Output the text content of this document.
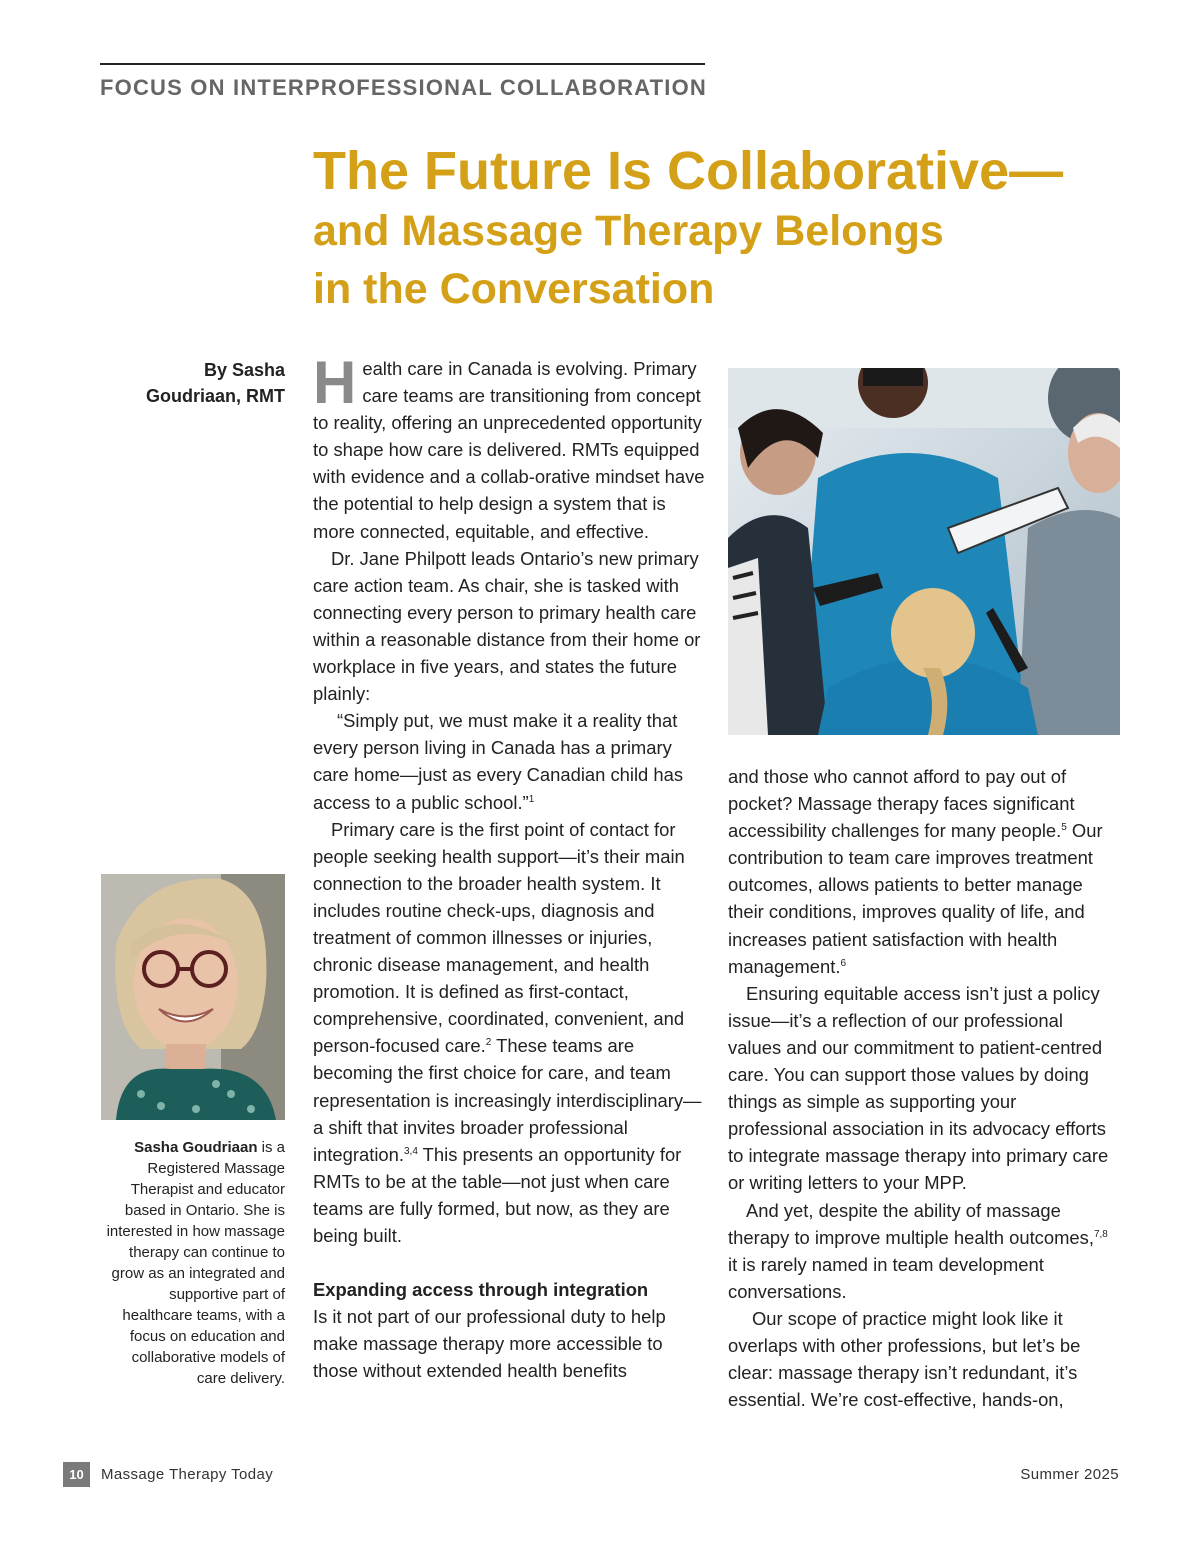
FOCUS ON INTERPROFESSIONAL COLLABORATION
The Future Is Collaborative—
and Massage Therapy Belongs
in the Conversation
By Sasha
Goudriaan, RMT Health care in Canada is evolving. Primary care teams are transitioning from concept to reality, offering an unprecedented opportunity to shape how care is delivered. RMTs equipped with evidence and a collab-orative mindset have the potential to help design a system that is more connected, equitable, and effective.

Dr. Jane Philpott leads Ontario’s new primary care action team. As chair, she is tasked with connecting every person to primary health care within a reasonable distance from their home or workplace in five years, and states the future plainly:

“Simply put, we must make it a reality that every person living in Canada has a primary care home—just as every Canadian child has access to a public school.”$^1$

Primary care is the first point of contact for people seeking health support—it’s their main connection to the broader health system. It includes routine check-ups, diagnosis and treatment of common illnesses or injuries, chronic disease management, and health promotion. It is defined as first-contact, comprehensive, coordinated, convenient, and person-focused care.$^2$ These teams are becoming the first choice for care, and team representation is increasingly interdisciplinary—a shift that invites broader professional integration.$^{3,4}$ This presents an opportunity for RMTs to be at the table—not just when care teams are fully formed, but now, as they are being built.

Expanding access through integration

Is it not part of our professional duty to help make massage therapy more accessible to those without extended health benefits

and those who cannot afford to pay out of pocket? Massage therapy faces significant accessibility challenges for many people.$^5$ Our contribution to team care improves treatment outcomes, allows patients to better manage their conditions, improves quality of life, and increases patient satisfaction with health management.$^6$

Ensuring equitable access isn’t just a policy issue—it’s a reflection of our professional values and our commitment to patient-centred care. You can support those values by doing things as simple as supporting your professional association in its advocacy efforts to integrate massage therapy into primary care or writing letters to your MPP.

And yet, despite the ability of massage therapy to improve multiple health outcomes,$^{7,8}$ it is rarely named in team development conversations.

Our scope of practice might look like it overlaps with other professions, but let’s be clear: massage therapy isn’t redundant, it’s essential. We’re cost-effective, hands-on,

Sasha Goudriaan is a Registered Massage Therapist and educator based in Ontario. She is interested in how massage therapy can continue to grow as an integrated and supportive part of healthcare teams, with a focus on education and collaborative models of care delivery.
10	Massage Therapy Today	Summer 2025
